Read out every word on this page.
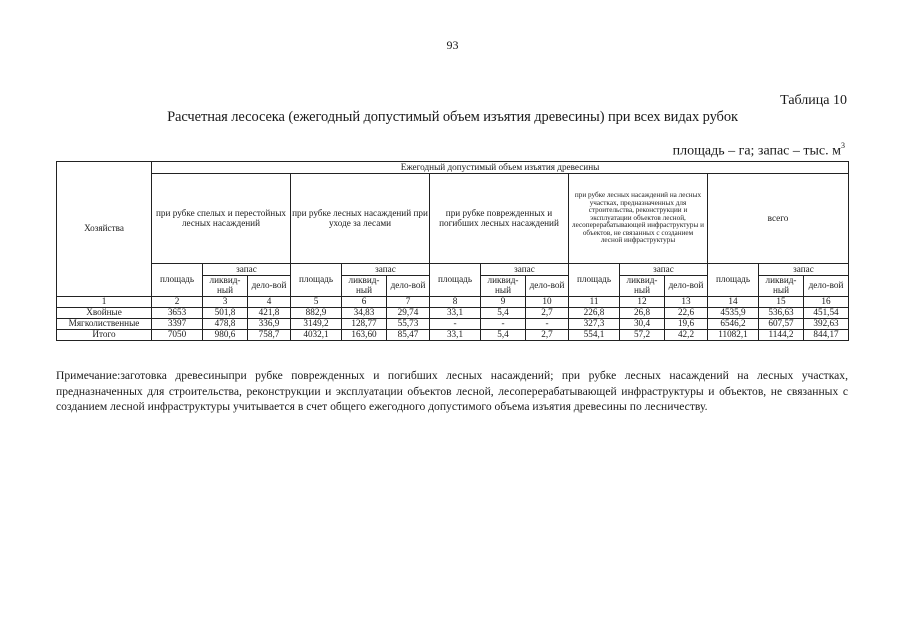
93
Таблица 10
Расчетная лесосека (ежегодный допустимый объем изъятия древесины) при всех видах рубок
площадь – га; запас – тыс. $м^3$
Хозяйства	Ежегодный допустимый объем изъятия древесины														
	при рубке спелых и перестойных лесных насаждений			при рубке лесных насаждений при уходе за лесами			при рубке поврежденных и погибших лесных насаждений			при рубке лесных насаждений на лесных участках, предназначенных для строительства, реконструкции и эксплуатации объектов лесной, лесоперерабатывающей инфраструктуры и объектов, не связанных с созданием лесной инфраструктуры			всего		
	площадь	запас		площадь	запас		площадь	запас		площадь	запас		площадь	запас	
		ликвид-ный	дело-вой		ликвид-ный	дело-вой		ликвид-ный	дело-вой		ликвид-ный	дело-вой		ликвид-ный	дело-вой
1	2	3	4	5	6	7	8	9	10	11	12	13	14	15	16
Хвойные	3653	501,8	421,8	882,9	34,83	29,74	33,1	5,4	2,7	226,8	26,8	22,6	4535,9	536,63	451,54
Мягколиственные	3397	478,8	336,9	3149,2	128,77	55,73	-	-	-	327,3	30,4	19,6	6546,2	607,57	392,63
Итого	7050	980,6	758,7	4032,1	163,60	85,47	33,1	5,4	2,7	554,1	57,2	42,2	11082,1	1144,2	844,17
Примечание:заготовка древесиныпри рубке поврежденных и погибших лесных насаждений; при рубке лесных насаждений на лесных участках, предназначенных для строительства, реконструкции и эксплуатации объектов лесной, лесоперерабатывающей инфраструктуры и объектов, не связанных с созданием лесной инфраструктуры учитывается в счет общего ежегодного допустимого объема изъятия древесины по лесничеству.
